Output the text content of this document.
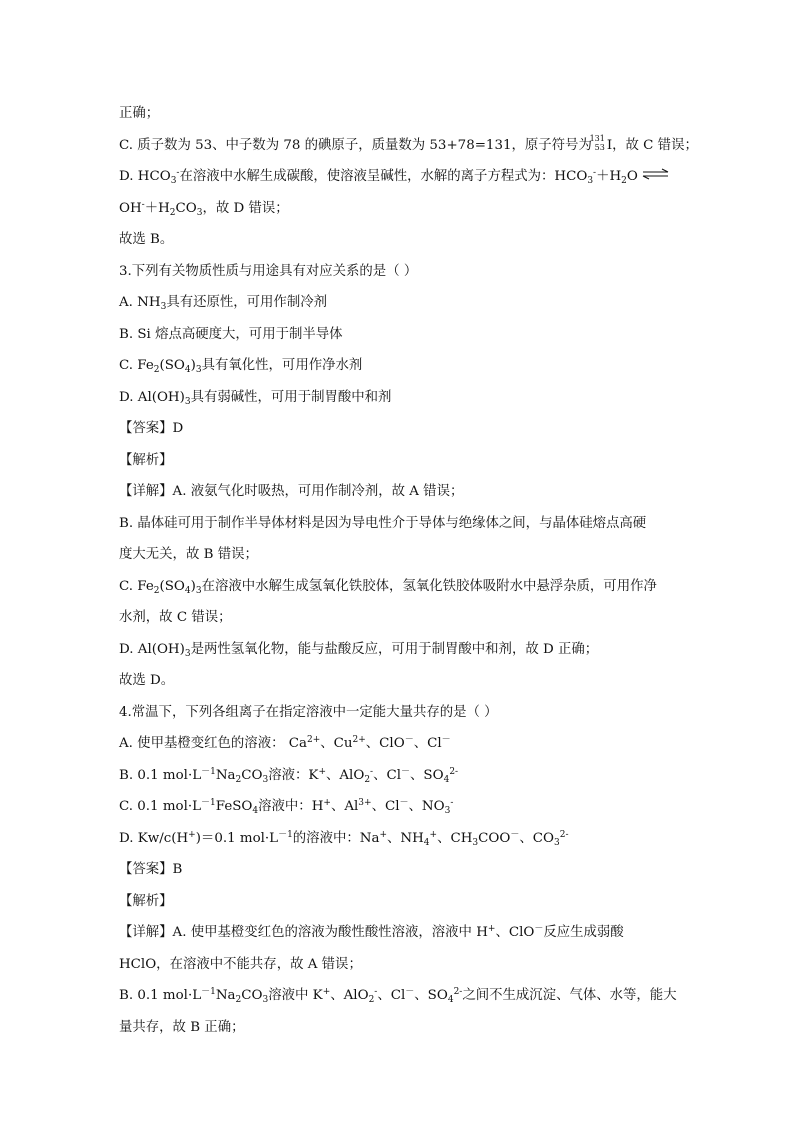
正确；
C. 质子数为 53、中子数为 78 的碘原子，质量数为 53+78=131，原子符号为
131
53 I，故 C 错误；
D. $HCO_3^-$在溶液中水解生成碳酸，使溶液呈碱性，水解的离子方程式为：$HCO_3^-+H_2O$ ⇌
$OH^-+H_2CO_3$，故 D 错误；
故选 B。
3.下列有关物质性质与用途具有对应关系的是（ ）
A. $NH_3$具有还原性，可用作制冷剂
B. Si 熔点高硬度大，可用于制半导体
C. $Fe_2(SO_4)_3$具有氧化性，可用作净水剂
D. $Al(OH)_3$具有弱碱性，可用于制胃酸中和剂
【答案】D
【解析】
【详解】A. 液氨气化时吸热，可用作制冷剂，故 A 错误；
B. 晶体硅可用于制作半导体材料是因为导电性介于导体与绝缘体之间，与晶体硅熔点高硬
度大无关，故 B 错误；
C. $Fe_2(SO_4)_3$在溶液中水解生成氢氧化铁胶体，氢氧化铁胶体吸附水中悬浮杂质，可用作净
水剂，故 C 错误；
D. $Al(OH)_3$是两性氢氧化物，能与盐酸反应，可用于制胃酸中和剂，故 D 正确；
故选 D。
4.常温下，下列各组离子在指定溶液中一定能大量共存的是（ ）
A. 使甲基橙变红色的溶液： $Ca^{2+}$、$Cu^{2+}$、ClO－、Cl－
B. 0.1 $mol\cdot L^{-1}Na_2CO_3$溶液：K+、AlO$_2$-、Cl－、$SO_4^{2-}$
C. 0.1 $mol\cdot L^{-1}FeSO_4$溶液中：H+、$Al^{3+}$、Cl－、$NO_3^-$
D. Kw/c(H+)＝0.1 $mol\cdot L^{-1}$的溶液中：Na+、$NH_4^+$、$CH_3COO^-$、$CO_3^{2-}$
【答案】B
【解析】
【详解】A. 使甲基橙变红色的溶液为酸性酸性溶液，溶液中 H+、ClO－反应生成弱酸
HClO，在溶液中不能共存，故 A 错误；
B. 0.1 $mol\cdot L^{-1}Na_2CO_3$溶液中 K+、AlO$_2$-、Cl－、$SO_4^{2-}$之间不生成沉淀、气体、水等，能大
量共存，故 B 正确；
